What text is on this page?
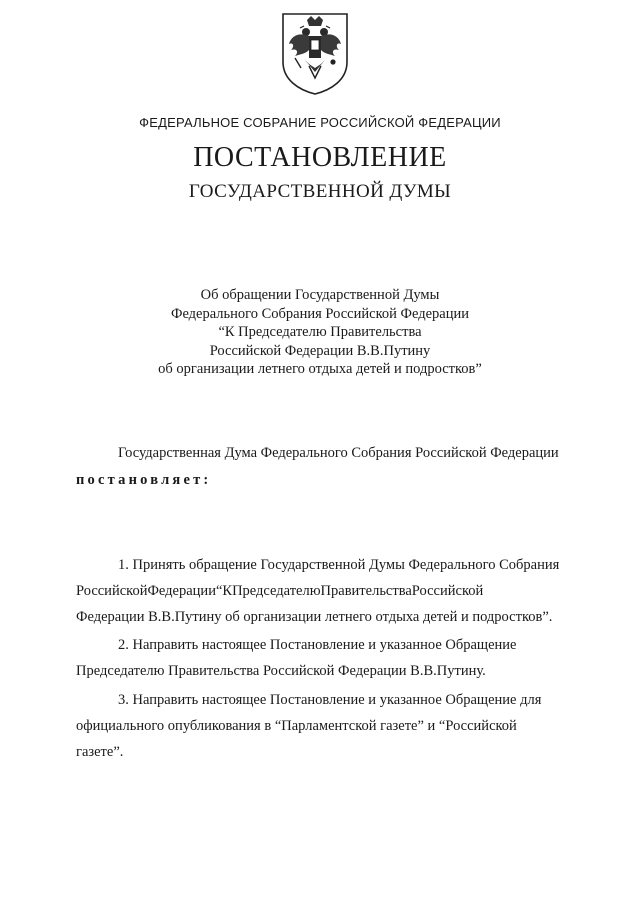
ФЕДЕРАЛЬНОЕ СОБРАНИЕ РОССИЙСКОЙ ФЕДЕРАЦИИ
ПОСТАНОВЛЕНИЕ
ГОСУДАРСТВЕННОЙ ДУМЫ
Об обращении Государственной Думы
Федерального Собрания Российской Федерации
“К Председателю Правительства
Российской Федерации В.В.Путину
об организации летнего отдыха детей и подростков”
Государственная Дума Федерального Собрания Российской Федерации
постановляет:
1. Принять обращение Государственной Думы Федерального Собрания
РоссийскойФедерации“КПредседателюПравительстваРоссийской
Федерации В.В.Путину об организации летнего отдыха детей и подростков”.
2. Направить настоящее Постановление и указанное Обращение
Председателю Правительства Российской Федерации В.В.Путину.
3. Направить настоящее Постановление и указанное Обращение для
официального опубликования в “Парламентской газете” и “Российской
газете”.
